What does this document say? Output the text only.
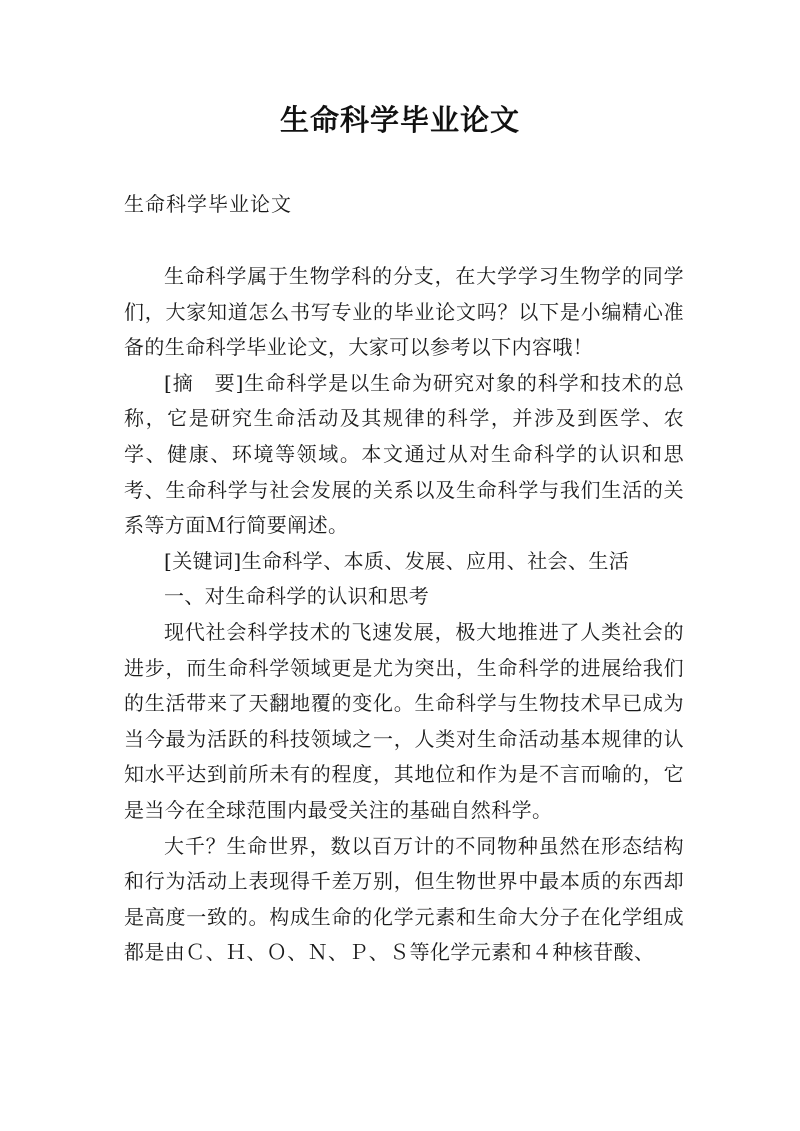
生命科学毕业论文
生命科学毕业论文

生命科学属于生物学科的分支，在大学学习生物学的同学们，大家知道怎么书写专业的毕业论文吗？以下是小编精心准备的生命科学毕业论文，大家可以参考以下内容哦！

[摘　要]生命科学是以生命为研究对象的科学和技术的总称，它是研究生命活动及其规律的科学，并涉及到医学、农学、健康、环境等领域。本文通过从对生命科学的认识和思考、生命科学与社会发展的关系以及生命科学与我们生活的关系等方面Ｍ行简要阐述。

[关键词]生命科学、本质、发展、应用、社会、生活

一、对生命科学的认识和思考

现代社会科学技术的飞速发展，极大地推进了人类社会的进步，而生命科学领域更是尤为突出，生命科学的进展给我们的生活带来了天翻地覆的变化。生命科学与生物技术早已成为当今最为活跃的科技领域之一，人类对生命活动基本规律的认知水平达到前所未有的程度，其地位和作为是不言而喻的，它是当今在全球范围内最受关注的基础自然科学。

大千？生命世界，数以百万计的不同物种虽然在形态结构和行为活动上表现得千差万别，但生物世界中最本质的东西却是高度一致的。构成生命的化学元素和生命大分子在化学组成都是由Ｃ、Ｈ、Ｏ、Ｎ、Ｐ、Ｓ等化学元素和４种核苷酸、
